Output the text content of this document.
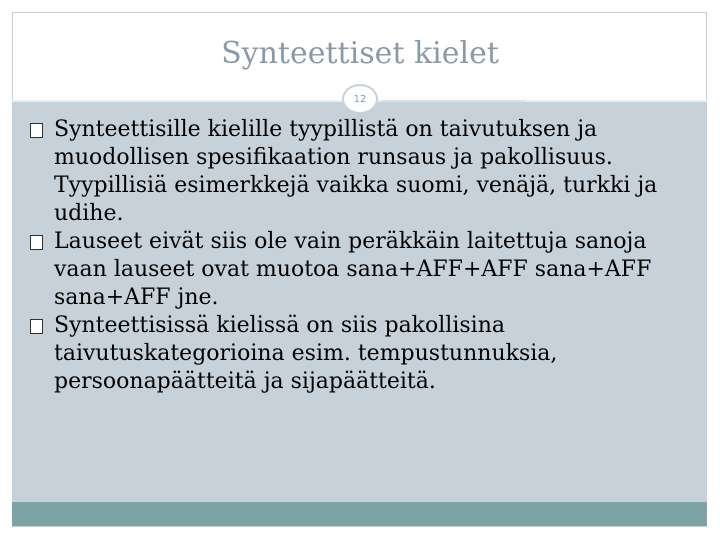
Synteettiset kielet
12
Synteettisille kielille tyypillistä on taivutuksen ja muodollisen spesifikaation runsaus ja pakollisuus. Tyypillisiä esimerkkejä vaikka suomi, venäjä, turkki ja udihe.
Lauseet eivät siis ole vain peräkkäin laitettuja sanoja vaan lauseet ovat muotoa sana+AFF+AFF sana+AFF sana+AFF jne.
Synteettisissä kielissä on siis pakollisina taivutuskategorioina esim. tempustunnuksia, persoonapäätteitä ja sijapäätteitä.
